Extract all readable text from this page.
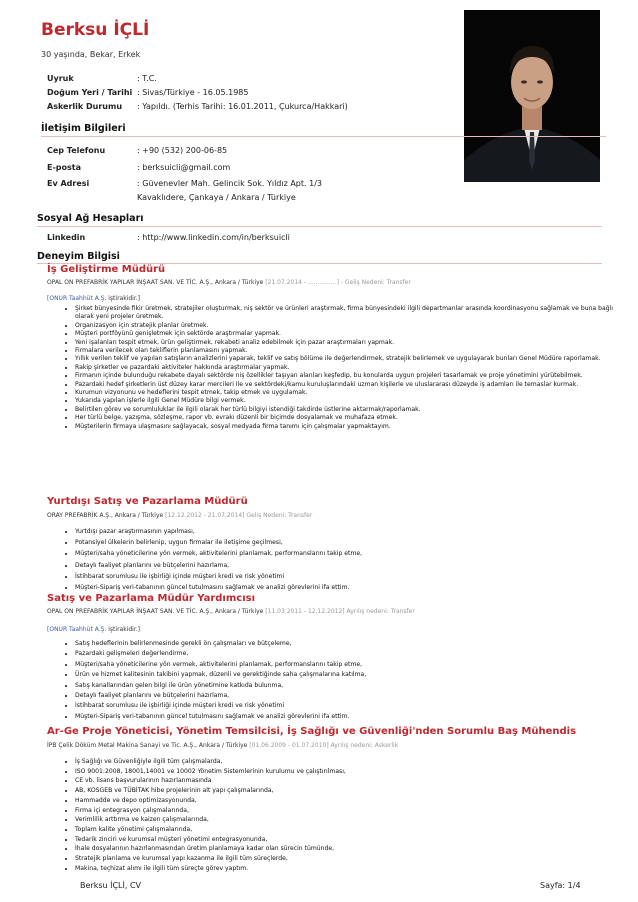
Berksu İÇLİ
30 yaşında, Bekar, Erkek
Uyruk	: T.C.
Doğum Yeri / Tarihi : Sivas/Türkiye - 16.05.1985
Askerlik Durumu : Yapıldı. (Terhis Tarihi: 16.01.2011, Çukurca/Hakkari)
İletişim Bilgileri
Cep Telefonu	: +90 (532) 200-06-85
E-posta	: berksuicli@gmail.com
Ev Adresi	: Güvenevler Mah. Gelincik Sok. Yıldız Apt. 1/3
Kavaklıdere, Çankaya / Ankara / Türkiye
Sosyal Ağ Hesapları
Linkedin	: http://www.linkedin.com/in/berksuicli
Deneyim Bilgisi
İş Geliştirme Müdürü
OPAL ON PREFABRİK YAPILAR İNŞAAT SAN. VE TİC. A.Ş., Ankara / Türkiye [21.07.2014 - ...............] - Geliş Nedeni: Transfer
[ONUR Taahhüt A.Ş. iştirakidir.]
• Şirket bünyesinde fikir üretmek, stratejiler oluşturmak, niş sektör ve ürünleri araştırmak, firma bünyesindeki ilgili departmanlar arasında koordinasyonu sağlamak ve buna bağlı olarak yeni projeler üretmek.
• Organizasyon için stratejik planlar üretmek.
• Müşteri portföyünü genişletmek için sektörde araştırmalar yapmak.
• Yeni işalanları tespit etmek, ürün geliştirmek, rekabeti analiz edebilmek için pazar araştırmaları yapmak.
• Firmalara verilecek olan tekliflerin planlamasını yapmak.
• Yıllık verilen teklif ve yapılan satışların analizlerini yaparak, teklif ve satış bölüme ile değerlendirmek, stratejik belirlemek ve uygulayarak bunları Genel Müdüre raporlamak.
• Rakip şirketler ve pazardaki aktiviteler hakkında araştırmalar yapmak.
• Firmanın içinde bulunduğu rekabete dayalı sektörde niş özellikler taşıyan alanları keşfedip, bu konularda uygun projeleri tasarlamak ve proje yönetimini yürütebilmek.
• Pazardaki hedef şirketlerin üst düzey karar mercileri ile ve sektördeki/kamu kuruluşlarındaki uzman kişilerle ve uluslararası düzeyde iş adamları ile temaslar kurmak.
• Kurumun vizyonunu ve hedeflerini tespit etmek, takip etmek ve uygulamak.
• Yukarıda yapılan işlerle ilgili Genel Müdüre bilgi vermek.
• Belirtilen görev ve sorumluluklar ile ilgili olarak her türlü bilgiyi istendiği takdirde üstlerine aktarmak/raporlamak.
• Her türlü belge, yazışma, sözleşme, rapor vb. evrakı düzenli bir biçimde dosyalamak ve muhafaza etmek.
• Müşterilerin firmaya ulaşmasını sağlayacak, sosyal medyada firma tanımı için çalışmalar yapmaktayım.
Yurtdışı Satış ve Pazarlama Müdürü
ORAY PREFABRİK A.Ş., Ankara / Türkiye [12.12.2012 - 21.07.2014] Geliş Nedeni: Transfer
• Yurtdışı pazar araştırmasının yapılması,
• Potansiyel ülkelerin belirlenip, uygun firmalar ile iletişime geçilmesi,
• Müşteri/saha yöneticilerine yön vermek, aktivitelerini planlamak, performanslarını takip etme,
• Detaylı faaliyet planlarını ve bütçelerini hazırlama,
• İstihbarat sorumlusu ile işbirliği içinde müşteri kredi ve risk yönetimi
• Müşteri-Sipariş veri-tabanının güncel tutulmasını sağlamak ve analizi görevlerini ifa ettim.
Satış ve Pazarlama Müdür Yardımcısı
OPAL ON PREFABRİK YAPILAR İNŞAAT SAN. VE TİC. A.Ş., Ankara / Türkiye [11.03.2011 - 12.12.2012] Ayrılış nedeni: Transfer
[ONUR Taahhüt A.Ş. iştirakidir.]
• Satış hedeflerinin belirlenmesinde gerekli ön çalışmaları ve bütçeleme,
• Pazardaki gelişmeleri değerlendirme,
• Müşteri/saha yöneticilerine yön vermek, aktivitelerini planlamak, performanslarını takip etme,
• Ürün ve hizmet kalitesinin takibini yapmak, düzenli ve gerektiğinde saha çalışmalarına katılma,
• Satış kanallarından gelen bilgi ile ürün yönetimine katkıda bulunma,
• Detaylı faaliyet planlarını ve bütçelerini hazırlama,
• İstihbarat sorumlusu ile işbirliği içinde müşteri kredi ve risk yönetimi
• Müşteri-Sipariş veri-tabanının güncel tutulmasını sağlamak ve analizi görevlerini ifa ettim.
Ar-Ge Proje Yöneticisi, Yönetim Temsilcisi, İş Sağlığı ve Güvenliği'nden Sorumlu Baş Mühendis
İPB Çelik Döküm Metal Makina Sanayi ve Tic. A.Ş., Ankara / Türkiye [01.06.2009 - 01.07.2010] Ayrılış nedeni: Askerlik
• İş Sağlığı ve Güvenliğiyle ilgili tüm çalışmalarda,
• ISO 9001:2008, 18001,14001 ve 10002 Yönetim Sistemlerinin kurulumu ve çalıştırılması,
• CE vb. lisans başvurularının hazırlanmasında
• AB, KOSGEB ve TÜBİTAK hibe projelerinin alt yapı çalışmalarında,
• Hammadde ve depo optimizasyonunda,
• Firma içi entegrasyon çalışmalarında,
• Verimlilik arttırma ve kaizen çalışmalarında,
• Toplam kalite yönetimi çalışmalarında,
• Tedarik zinciri ve kurumsal müşteri yönetimi entegrasyonunda,
• İhale dosyalarının hazırlanmasından üretim planlamaya kadar olan sürecin tümünde,
• Stratejik planlama ve kurumsal yapı kazanma ile ilgili tüm süreçlerde,
• Makina, teçhizat alımı ile ilgili tüm süreçte görev yaptım.
Berksu İÇLİ, CV	Sayfa: 1/4
